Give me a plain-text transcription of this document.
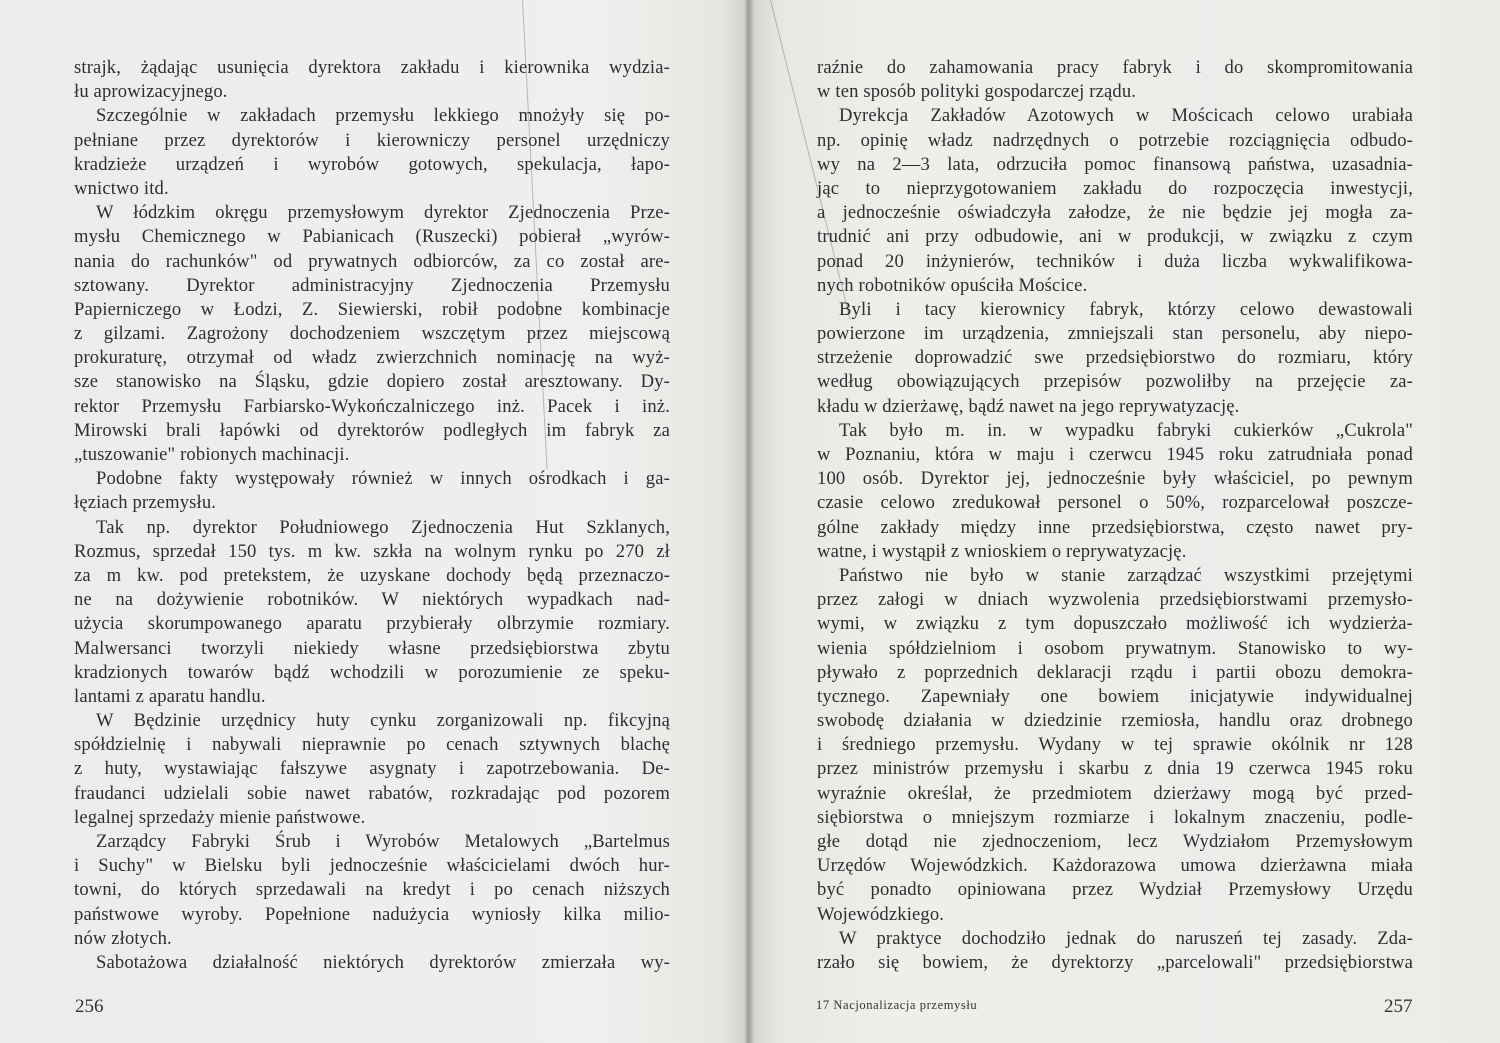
strajk, żądając usunięcia dyrektora zakładu i kierownika wydzia-
łu aprowizacyjnego.
Szczególnie w zakładach przemysłu lekkiego mnożyły się po-
pełniane przez dyrektorów i kierowniczy personel urzędniczy
kradzieże urządzeń i wyrobów gotowych, spekulacja, łapo-
wnictwo itd.
W łódzkim okręgu przemysłowym dyrektor Zjednoczenia Prze-
mysłu Chemicznego w Pabianicach (Ruszecki) pobierał „wyrów-
nania do rachunków" od prywatnych odbiorców, za co został are-
sztowany. Dyrektor administracyjny Zjednoczenia Przemysłu
Papierniczego w Łodzi, Z. Siewierski, robił podobne kombinacje
z gilzami. Zagrożony dochodzeniem wszczętym przez miejscową
prokuraturę, otrzymał od władz zwierzchnich nominację na wyż-
sze stanowisko na Śląsku, gdzie dopiero został aresztowany. Dy-
rektor Przemysłu Farbiarsko-Wykończalniczego inż. Pacek i inż.
Mirowski brali łapówki od dyrektorów podległych im fabryk za
„tuszowanie" robionych machinacji.
Podobne fakty występowały również w innych ośrodkach i ga-
łęziach przemysłu.
Tak np. dyrektor Południowego Zjednoczenia Hut Szklanych,
Rozmus, sprzedał 150 tys. m kw. szkła na wolnym rynku po 270 zł
za m kw. pod pretekstem, że uzyskane dochody będą przeznaczo-
ne na dożywienie robotników. W niektórych wypadkach nad-
użycia skorumpowanego aparatu przybierały olbrzymie rozmiary.
Malwersanci tworzyli niekiedy własne przedsiębiorstwa zbytu
kradzionych towarów bądź wchodzili w porozumienie ze speku-
lantami z aparatu handlu.
W Będzinie urzędnicy huty cynku zorganizowali np. fikcyjną
spółdzielnię i nabywali nieprawnie po cenach sztywnych blachę
z huty, wystawiając fałszywe asygnaty i zapotrzebowania. De-
fraudanci udzielali sobie nawet rabatów, rozkradając pod pozorem
legalnej sprzedaży mienie państwowe.
Zarządcy Fabryki Śrub i Wyrobów Metalowych „Bartelmus
i Suchy" w Bielsku byli jednocześnie właścicielami dwóch hur-
towni, do których sprzedawali na kredyt i po cenach niższych
państwowe wyroby. Popełnione nadużycia wyniosły kilka milio-
nów złotych.
Sabotażowa działalność niektórych dyrektorów zmierzała wy-
256
raźnie do zahamowania pracy fabryk i do skompromitowania
w ten sposób polityki gospodarczej rządu.
Dyrekcja Zakładów Azotowych w Mościcach celowo urabiała
np. opinię władz nadrzędnych o potrzebie rozciągnięcia odbudo-
wy na 2—3 lata, odrzuciła pomoc finansową państwa, uzasadnia-
jąc to nieprzygotowaniem zakładu do rozpoczęcia inwestycji,
a jednocześnie oświadczyła załodze, że nie będzie jej mogła za-
trudnić ani przy odbudowie, ani w produkcji, w związku z czym
ponad 20 inżynierów, techników i duża liczba wykwalifikowa-
nych robotników opuściła Mościce.
Byli i tacy kierownicy fabryk, którzy celowo dewastowali
powierzone im urządzenia, zmniejszali stan personelu, aby niepo-
strzeżenie doprowadzić swe przedsiębiorstwo do rozmiaru, który
według obowiązujących przepisów pozwoliłby na przejęcie za-
kładu w dzierżawę, bądź nawet na jego reprywatyzację.
Tak było m. in. w wypadku fabryki cukierków „Cukrola"
w Poznaniu, która w maju i czerwcu 1945 roku zatrudniała ponad
100 osób. Dyrektor jej, jednocześnie były właściciel, po pewnym
czasie celowo zredukował personel o 50%, rozparcelował poszcze-
gólne zakłady między inne przedsiębiorstwa, często nawet pry-
watne, i wystąpił z wnioskiem o reprywatyzację.
Państwo nie było w stanie zarządzać wszystkimi przejętymi
przez załogi w dniach wyzwolenia przedsiębiorstwami przemysło-
wymi, w związku z tym dopuszczało możliwość ich wydzierża-
wienia spółdzielniom i osobom prywatnym. Stanowisko to wy-
pływało z poprzednich deklaracji rządu i partii obozu demokra-
tycznego. Zapewniały one bowiem inicjatywie indywidualnej
swobodę działania w dziedzinie rzemiosła, handlu oraz drobnego
i średniego przemysłu. Wydany w tej sprawie okólnik nr 128
przez ministrów przemysłu i skarbu z dnia 19 czerwca 1945 roku
wyraźnie określał, że przedmiotem dzierżawy mogą być przed-
siębiorstwa o mniejszym rozmiarze i lokalnym znaczeniu, podle-
głe dotąd nie zjednoczeniom, lecz Wydziałom Przemysłowym
Urzędów Wojewódzkich. Każdorazowa umowa dzierżawna miała
być ponadto opiniowana przez Wydział Przemysłowy Urzędu
Wojewódzkiego.
W praktyce dochodziło jednak do naruszeń tej zasady. Zda-
rzało się bowiem, że dyrektorzy „parcelowali" przedsiębiorstwa
17 Nacjonalizacja przemysłu	257
